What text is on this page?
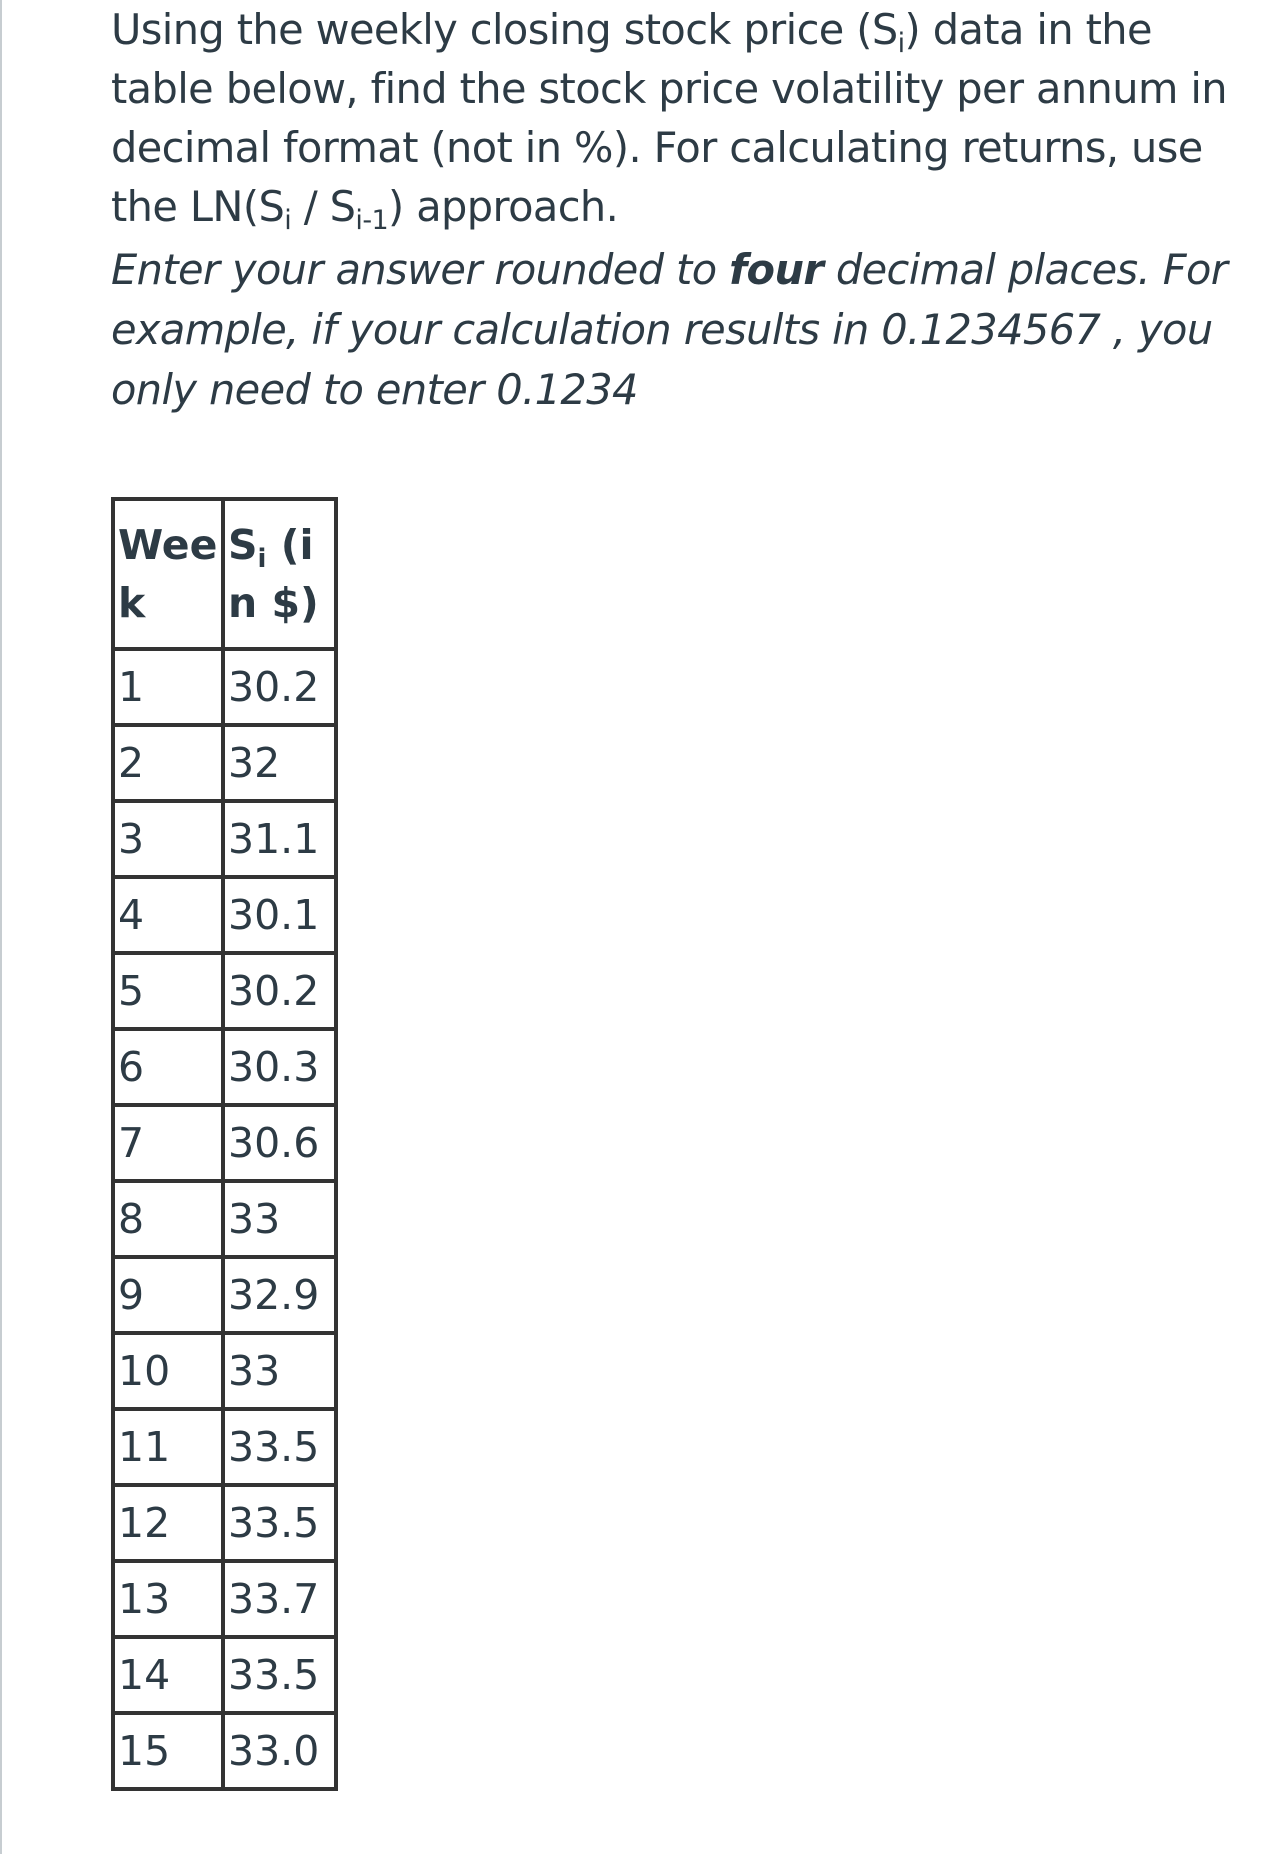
Using the weekly closing stock price $(S_i)$ data in the table below, find the stock price volatility per annum in decimal format (not in %). For calculating returns, use the $LN(S_i / S_{i-1})$ approach.

Enter your answer rounded to four decimal places. For example, if your calculation results in 0.1234567 , you only need to enter 0.1234

Week	$S_i$ (in $)
1	30.2
2	32
3	31.1
4	30.1
5	30.2
6	30.3
7	30.6
8	33
9	32.9
10	33
11	33.5
12	33.5
13	33.7
14	33.5
15	33.0
